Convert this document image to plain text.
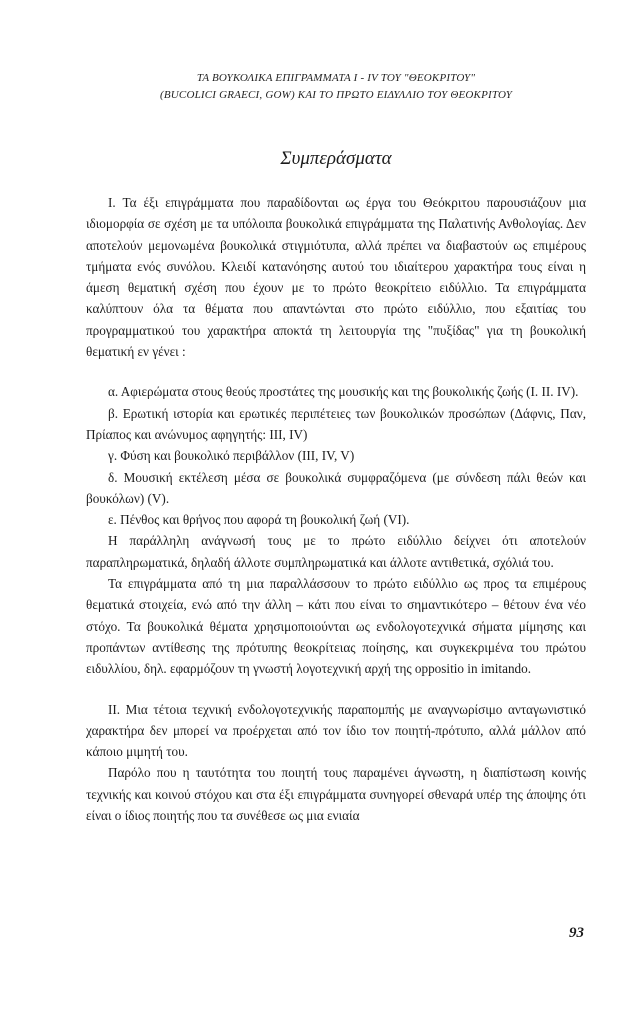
ΤΑ ΒΟΥΚΟΛΙΚΑ ΕΠΙΓΡΑΜΜΑΤΑ I - IV ΤΟΥ "ΘΕΟΚΡΙΤΟΥ"
(BUCOLICI GRAECI, GOW) ΚΑΙ ΤΟ ΠΡΩΤΟ ΕΙΔΥΛΛΙΟ ΤΟΥ ΘΕΟΚΡΙΤΟΥ
Συμπεράσματα

I. Τα έξι επιγράμματα που παραδίδονται ως έργα του Θεόκριτου παρουσιάζουν μια ιδιομορφία σε σχέση με τα υπόλοιπα βουκολικά επιγράμματα της Παλατινής Ανθολογίας. Δεν αποτελούν μεμονωμένα βουκολικά στιγμιότυπα, αλλά πρέπει να διαβαστούν ως επιμέρους τμήματα ενός συνόλου. Κλειδί κατανόησης αυτού του ιδιαίτερου χαρακτήρα τους είναι η άμεση θεματική σχέση που έχουν με το πρώτο θεοκρίτειο ειδύλλιο. Τα επιγράμματα καλύπτουν όλα τα θέματα που απαντώνται στο πρώτο ειδύλλιο, που εξαιτίας του προγραμματικού του χαρακτήρα αποκτά τη λειτουργία της "πυξίδας" για τη βουκολική θεματική εν γένει :

α. Αφιερώματα στους θεούς προστάτες της μουσικής και της βουκολικής ζωής (I. II. IV).

β. Ερωτική ιστορία και ερωτικές περιπέτειες των βουκολικών προσώπων (Δάφνις, Παν, Πρίαπος και ανώνυμος αφηγητής: III, IV)

γ. Φύση και βουκολικό περιβάλλον (III, IV, V)

δ. Μουσική εκτέλεση μέσα σε βουκολικά συμφραζόμενα (με σύνδεση πάλι θεών και βουκόλων) (V).

ε. Πένθος και θρήνος που αφορά τη βουκολική ζωή (VI).

Η παράλληλη ανάγνωσή τους με το πρώτο ειδύλλιο δείχνει ότι αποτελούν παραπληρωματικά, δηλαδή άλλοτε συμπληρωματικά και άλλοτε αντιθετικά, σχόλιά του.

Τα επιγράμματα από τη μια παραλλάσσουν το πρώτο ειδύλλιο ως προς τα επιμέρους θεματικά στοιχεία, ενώ από την άλλη – κάτι που είναι το σημαντικότερο – θέτουν ένα νέο στόχο. Τα βουκολικά θέματα χρησιμοποιούνται ως ενδολογοτεχνικά σήματα μίμησης και προπάντων αντίθεσης της πρότυπης θεοκρίτειας ποίησης, και συγκεκριμένα του πρώτου ειδυλλίου, δηλ. εφαρμόζουν τη γνωστή λογοτεχνική αρχή της oppositio in imitando.

II. Μια τέτοια τεχνική ενδολογοτεχνικής παραπομπής με αναγνωρίσιμο ανταγωνιστικό χαρακτήρα δεν μπορεί να προέρχεται από τον ίδιο τον ποιητή-πρότυπο, αλλά μάλλον από κάποιο μιμητή του.

Παρόλο που η ταυτότητα του ποιητή τους παραμένει άγνωστη, η διαπίστωση κοινής τεχνικής και κοινού στόχου και στα έξι επιγράμματα συνηγορεί σθεναρά υπέρ της άποψης ότι είναι ο ίδιος ποιητής που τα συνέθεσε ως μια ενιαία

93
